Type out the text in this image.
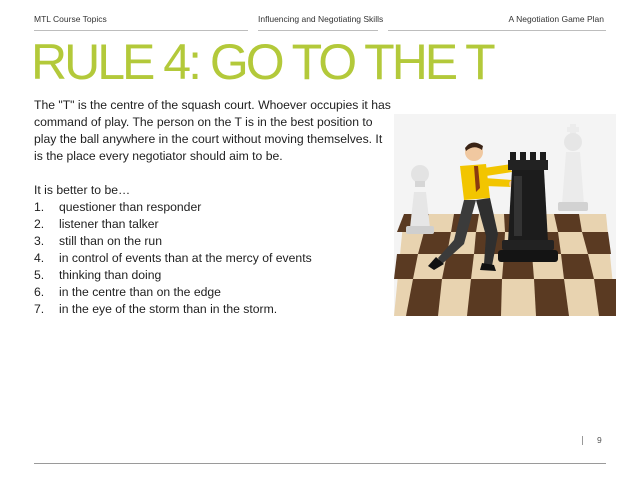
MTL Course Topics	Influencing and Negotiating Skills	A Negotiation Game Plan
RULE 4: GO TO THE T

The "T" is the centre of the squash court. Whoever occupies it has command of play. The person on the T is in the best position to play the ball anywhere in the court without moving themselves. It is the place every negotiator should aim to be.

It is better to be…
1.	questioner than responder
2.	listener than talker
3.	still than on the run
4.	in control of events than at the mercy of events
5.	thinking than doing
6.	in the centre than on the edge
7.	in the eye of the storm than in the storm.
9
